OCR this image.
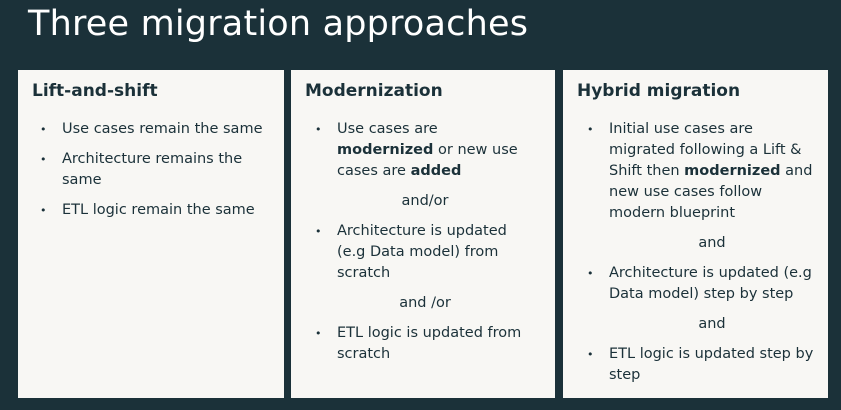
Three migration approaches
Lift-and-shift
• Use cases remain the same
• Architecture remains the same
• ETL logic remain the same
Modernization
• Use cases are modernized or new use cases are added
and/or
• Architecture is updated (e.g Data model) from scratch
and /or
• ETL logic is updated from scratch
Hybrid migration
• Initial use cases are migrated following a Lift & Shift then modernized and new use cases follow modern blueprint
and
• Architecture is updated (e.g Data model) step by step
and
• ETL logic is updated step by step
